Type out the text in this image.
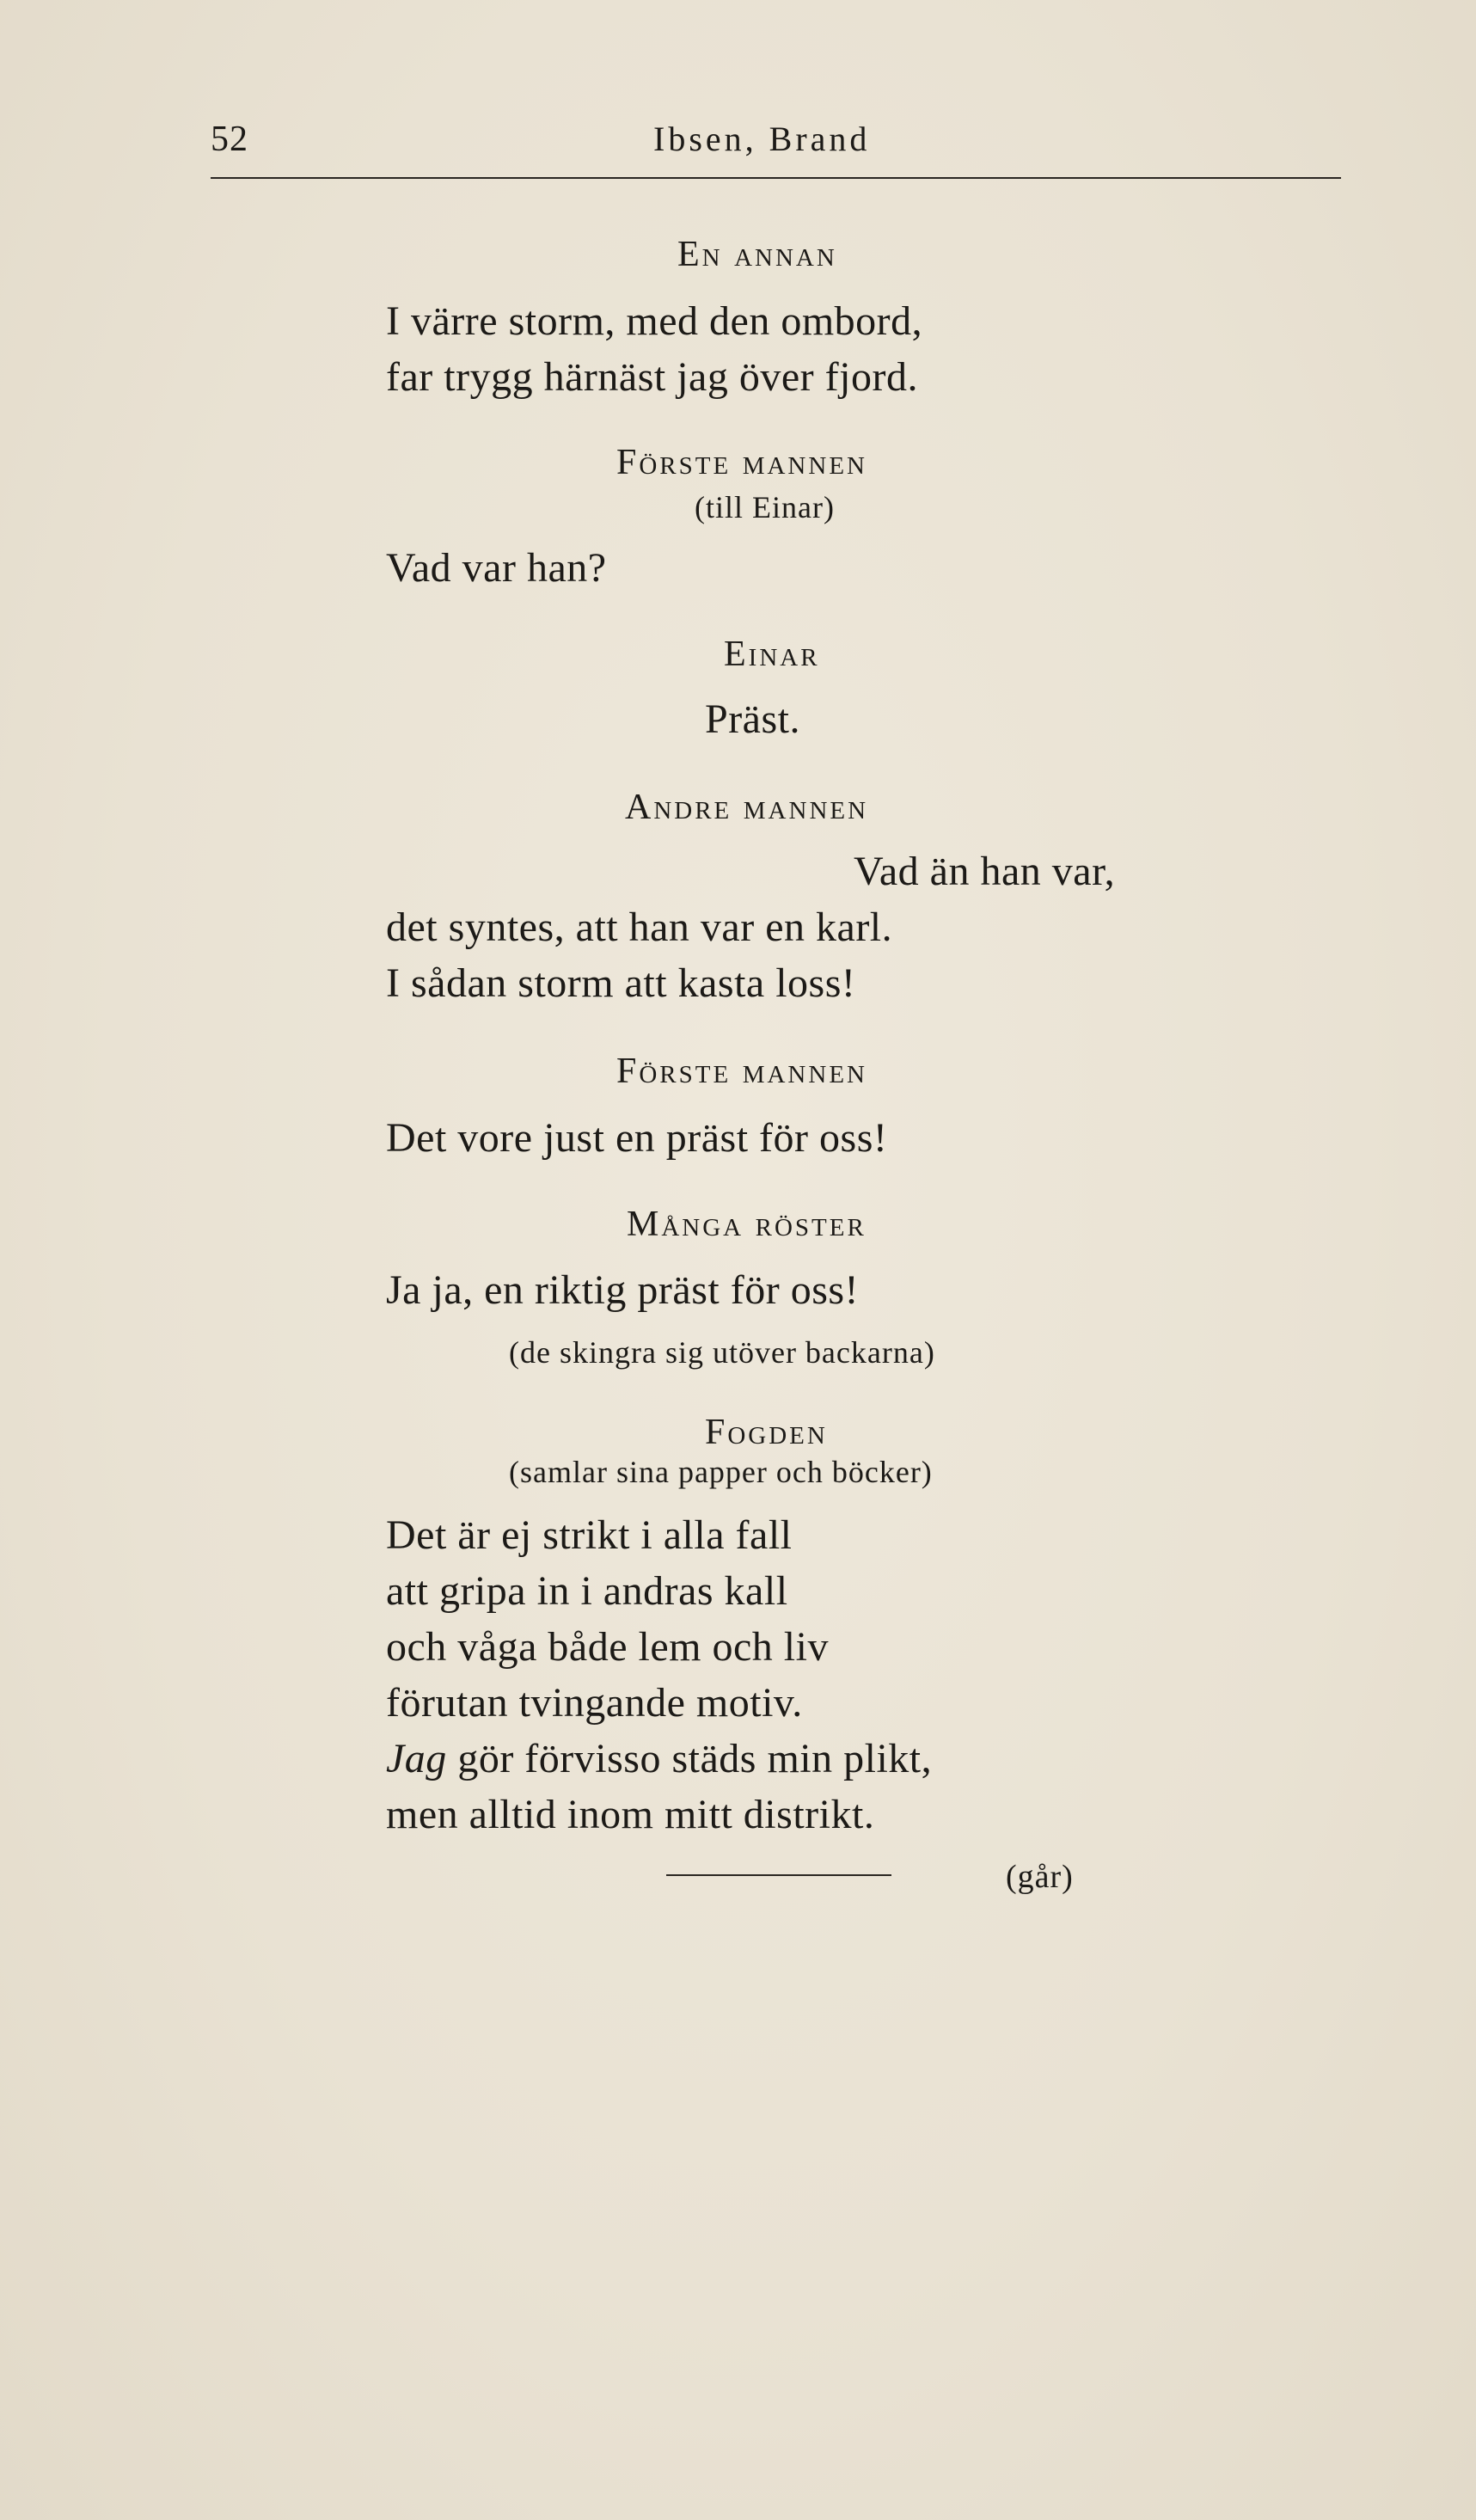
52	Ibsen, Brand
En annan
I värre storm, med den ombord,
far trygg härnäst jag över fjord.
Förste mannen
(till Einar)
Vad var han?
Einar
Präst.
Andre mannen
Vad än han var,
det syntes, att han var en karl.
I sådan storm att kasta loss!
Förste mannen
Det vore just en präst för oss!
Många röster
Ja ja, en riktig präst för oss!
(de skingra sig utöver backarna)
Fogden
(samlar sina papper och böcker)
Det är ej strikt i alla fall
att gripa in i andras kall
och våga både lem och liv
förutan tvingande motiv.
Jag gör förvisso städs min plikt,
men alltid inom mitt distrikt.
(går)
